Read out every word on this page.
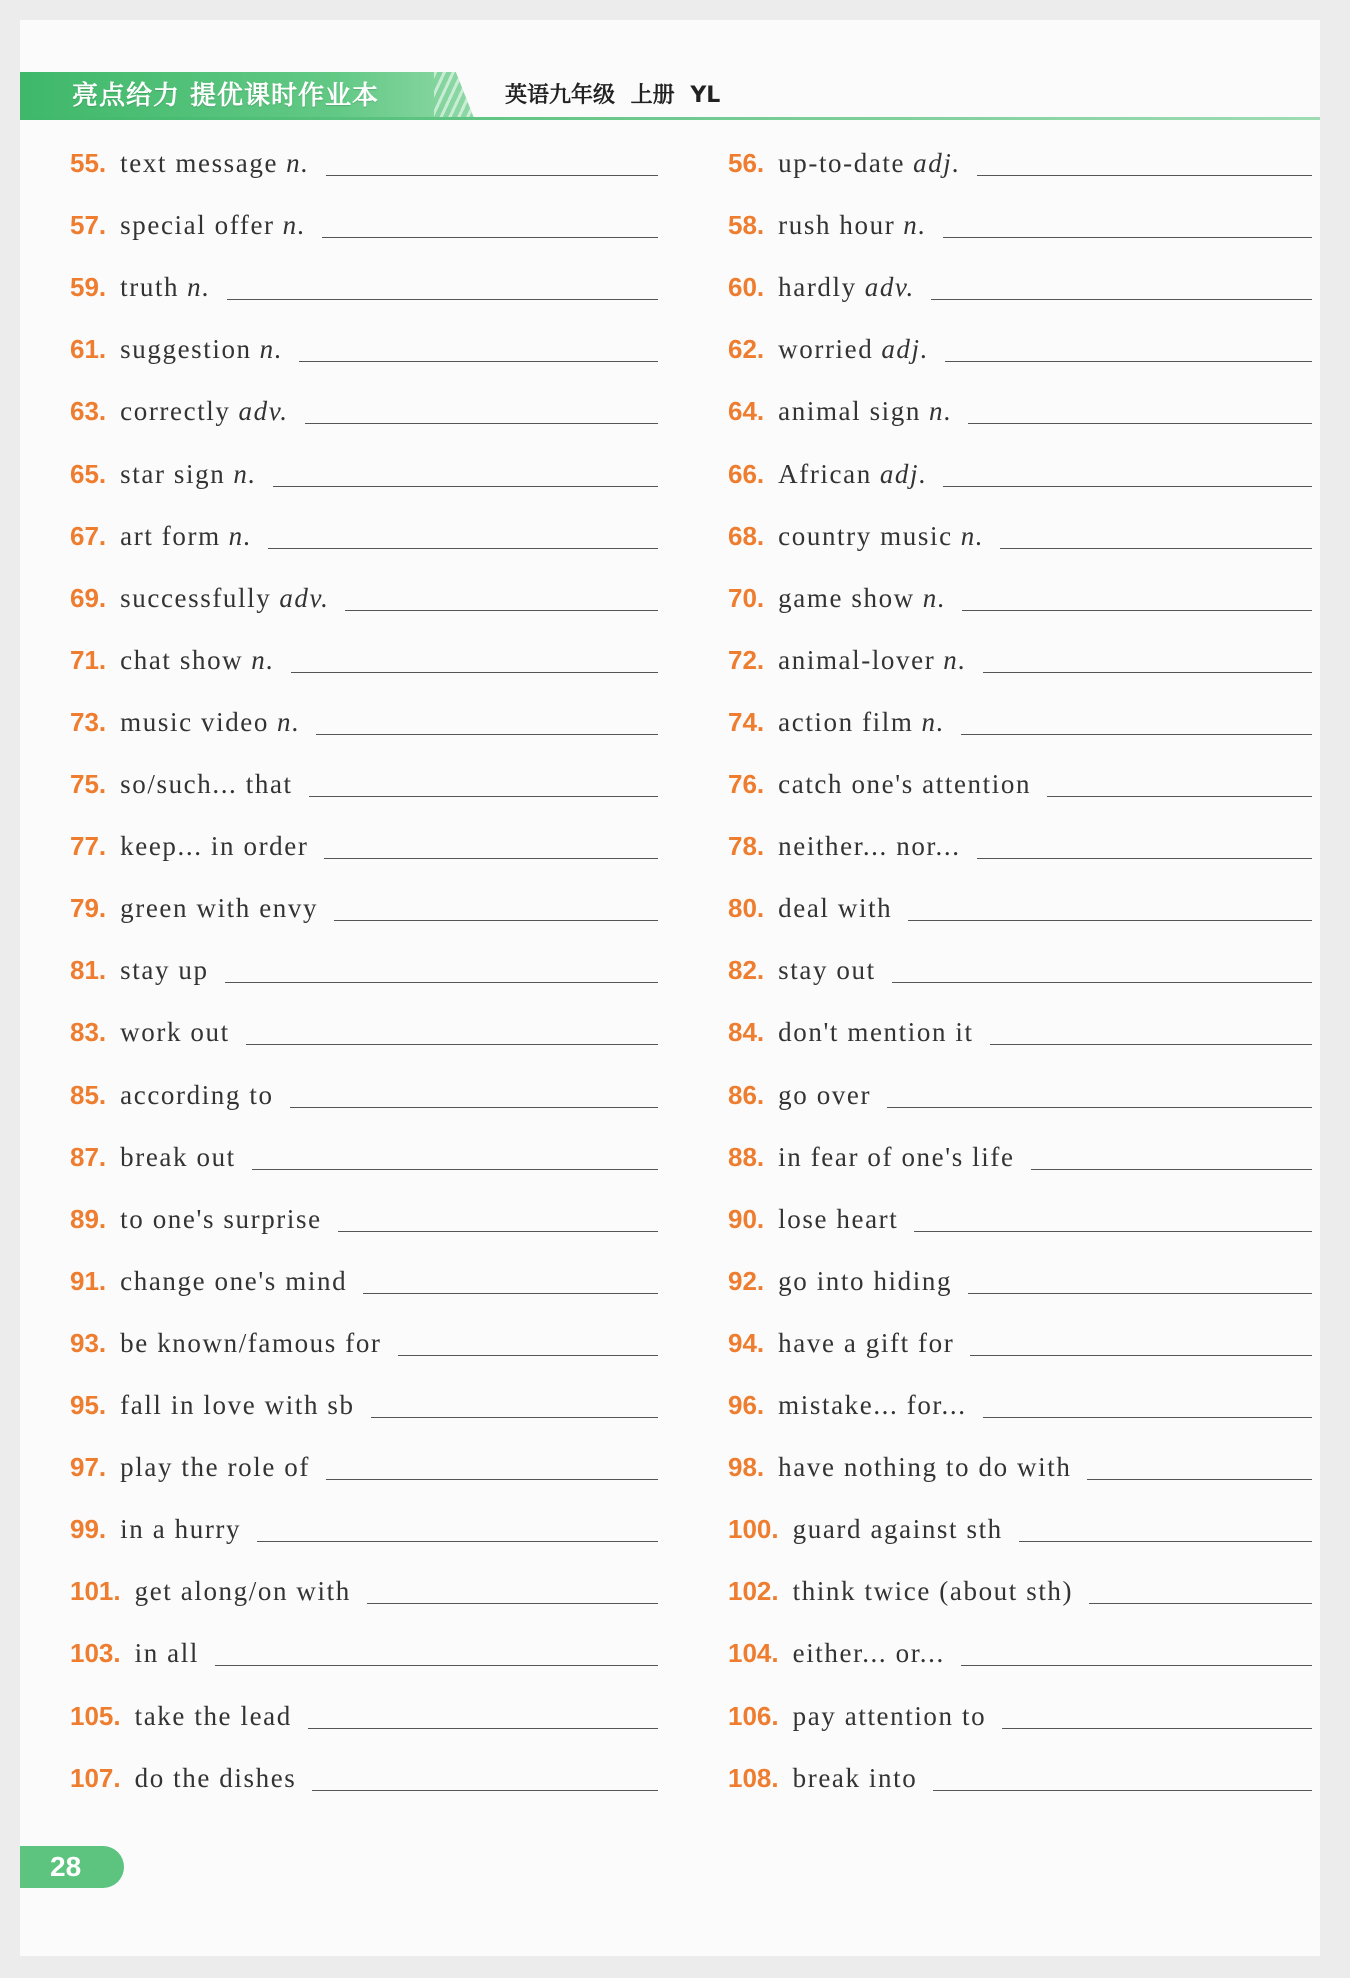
亮点给力 提优课时作业本	英语九年级 上册 YL
55 . text message n.	56 . up-to-date adj.
57 . special offer n.	58 . rush hour n.
59 . truth n.	60 . hardly adv.
61 . suggestion n.	62 . worried adj.
63 . correctly adv.	64 . animal sign n.
65 . star sign n.	66 . African adj.
67 . art form n.	68 . country music n.
69 . successfully adv.	70 . game show n.
71 . chat show n.	72 . animal-lover n.
73 . music video n.	74 . action film n.
75 . so/such... that	76 . catch one's attention
77 . keep... in order	78 . neither... nor...
79 . green with envy	80 . deal with
81 . stay up	82 . stay out
83 . work out	84 . don't mention it
85 . according to	86 . go over
87 . break out	88 . in fear of one's life
89 . to one's surprise	90 . lose heart
91 . change one's mind	92 . go into hiding
93 . be known/famous for	94 . have a gift for
95 . fall in love with sb	96 . mistake... for...
97 . play the role of	98 . have nothing to do with
99 . in a hurry	100 . guard against sth
101 . get along/on with	102 . think twice (about sth)
103 . in all	104 . either... or...
105 . take the lead	106 . pay attention to
107 . do the dishes	108 . break into
28
